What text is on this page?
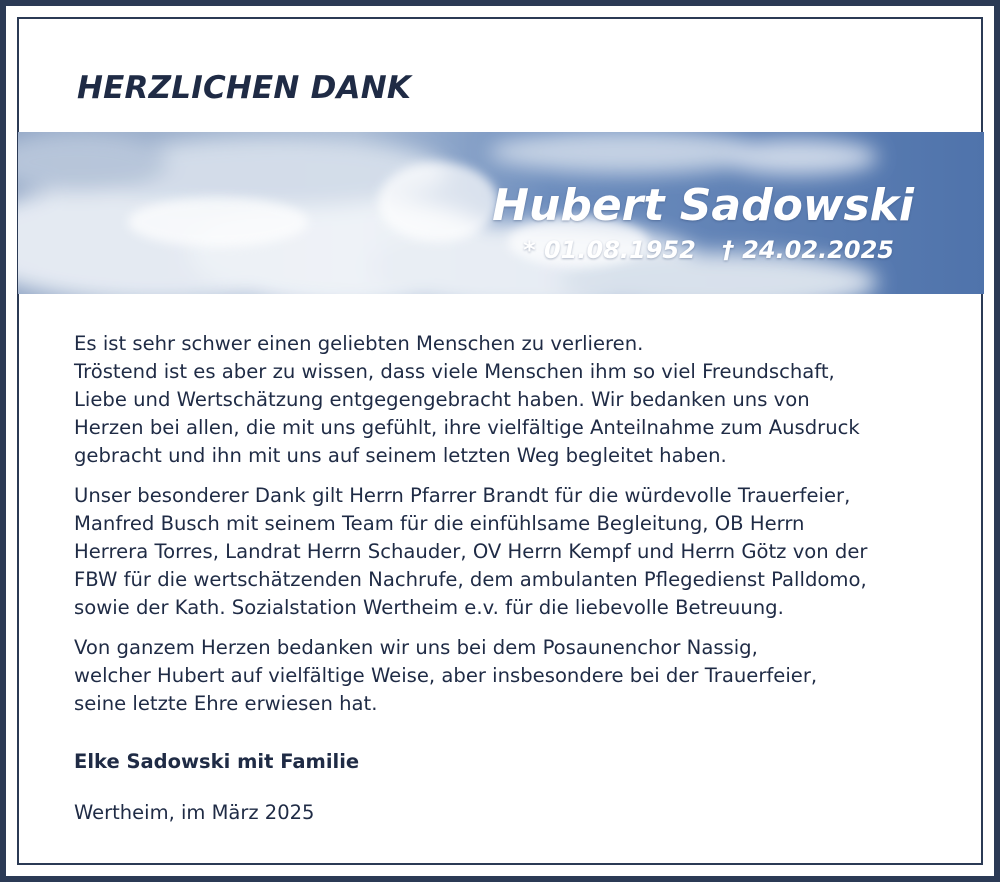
HERZLICHEN DANK
Hubert Sadowski
* 01.08.1952 † 24.02.2025

Es ist sehr schwer einen geliebten Menschen zu verlieren.
Tröstend ist es aber zu wissen, dass viele Menschen ihm so viel Freundschaft,
Liebe und Wertschätzung entgegengebracht haben. Wir bedanken uns von
Herzen bei allen, die mit uns gefühlt, ihre vielfältige Anteilnahme zum Ausdruck
gebracht und ihn mit uns auf seinem letzten Weg begleitet haben.

Unser besonderer Dank gilt Herrn Pfarrer Brandt für die würdevolle Trauerfeier,
Manfred Busch mit seinem Team für die einfühlsame Begleitung, OB Herrn
Herrera Torres, Landrat Herrn Schauder, OV Herrn Kempf und Herrn Götz von der
FBW für die wertschätzenden Nachrufe, dem ambulanten Pflegedienst Palldomo,
sowie der Kath. Sozialstation Wertheim e.v. für die liebevolle Betreuung.

Von ganzem Herzen bedanken wir uns bei dem Posaunenchor Nassig,
welcher Hubert auf vielfältige Weise, aber insbesondere bei der Trauerfeier,
seine letzte Ehre erwiesen hat.

Elke Sadowski mit Familie
Wertheim, im März 2025
